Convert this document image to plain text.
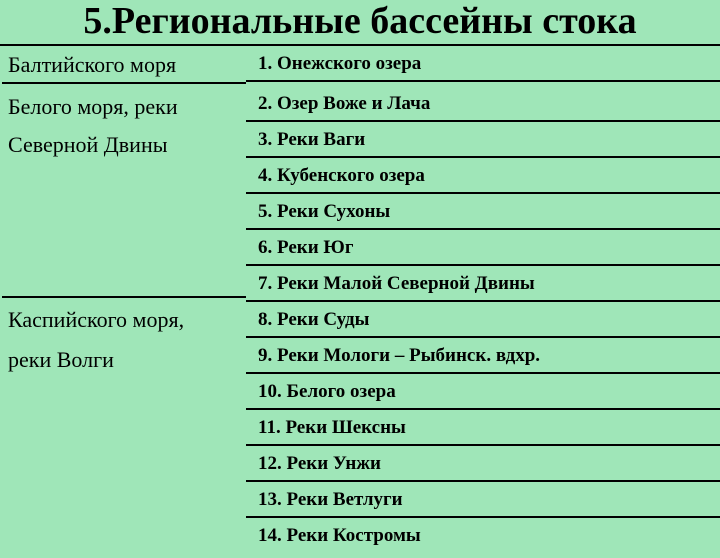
5.Региональные бассейны стока
Балтийского моря
Белого моря, реки
Северной Двины
Каспийского моря,
реки Волги
1. Онежского озера
2. Озер Воже и Лача
3. Реки Ваги
4. Кубенского озера
5. Реки Сухоны
6. Реки Юг
7. Реки Малой Северной Двины
8. Реки Суды
9. Реки Мологи – Рыбинск. вдхр.
10. Белого озера
11. Реки Шексны
12. Реки Унжи
13. Реки Ветлуги
14. Реки Костромы
